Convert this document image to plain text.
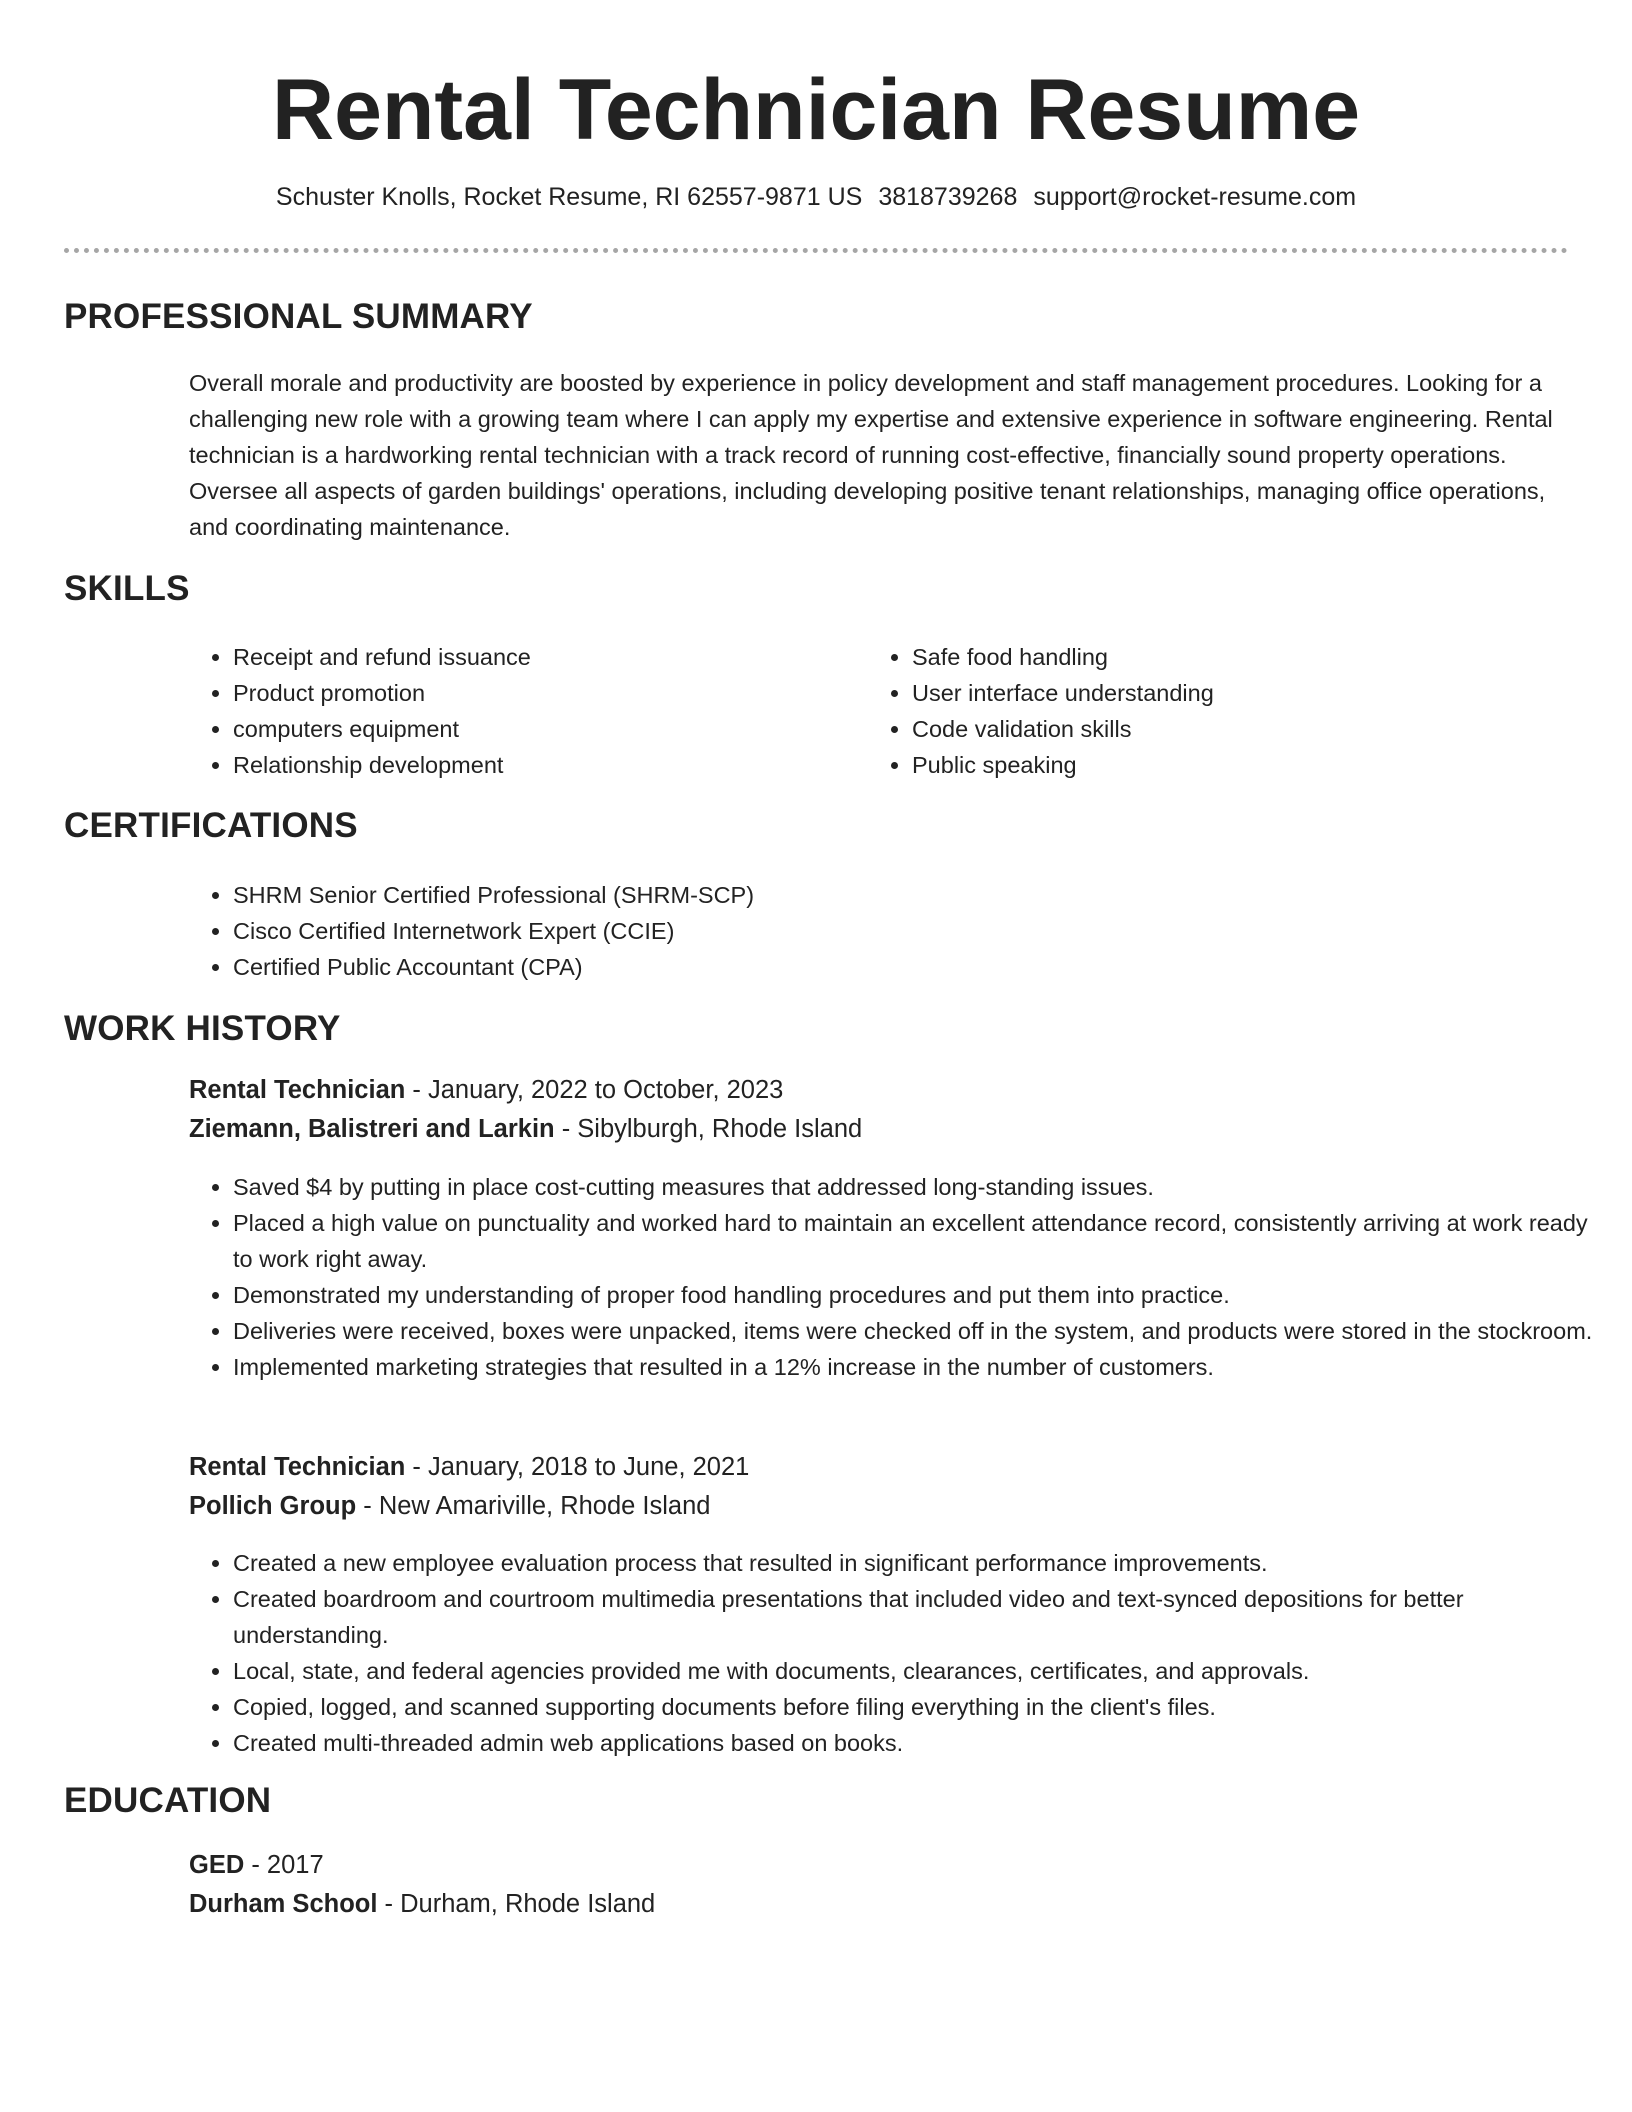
Rental Technician Resume
Schuster Knolls, Rocket Resume, RI 62557-9871 US 3818739268 support@rocket-resume.com
PROFESSIONAL SUMMARY

Overall morale and productivity are boosted by experience in policy development and staff management procedures. Looking for a challenging new role with a growing team where I can apply my expertise and extensive experience in software engineering. Rental technician is a hardworking rental technician with a track record of running cost-effective, financially sound property operations. Oversee all aspects of garden buildings' operations, including developing positive tenant relationships, managing office operations, and coordinating maintenance.

SKILLS
• Receipt and refund issuance
• Product promotion
• computers equipment
• Relationship development
• Safe food handling
• User interface understanding
• Code validation skills
• Public speaking
CERTIFICATIONS
• SHRM Senior Certified Professional (SHRM-SCP)
• Cisco Certified Internetwork Expert (CCIE)
• Certified Public Accountant (CPA)
WORK HISTORY
Rental Technician - January, 2022 to October, 2023
Ziemann, Balistreri and Larkin - Sibylburgh, Rhode Island
• Saved $4 by putting in place cost-cutting measures that addressed long-standing issues.
• Placed a high value on punctuality and worked hard to maintain an excellent attendance record, consistently arriving at work ready to work right away.
• Demonstrated my understanding of proper food handling procedures and put them into practice.
• Deliveries were received, boxes were unpacked, items were checked off in the system, and products were stored in the stockroom.
• Implemented marketing strategies that resulted in a 12% increase in the number of customers.
Rental Technician - January, 2018 to June, 2021
Pollich Group - New Amariville, Rhode Island
• Created a new employee evaluation process that resulted in significant performance improvements.
• Created boardroom and courtroom multimedia presentations that included video and text-synced depositions for better understanding.
• Local, state, and federal agencies provided me with documents, clearances, certificates, and approvals.
• Copied, logged, and scanned supporting documents before filing everything in the client's files.
• Created multi-threaded admin web applications based on books.
EDUCATION
GED - 2017
Durham School - Durham, Rhode Island
